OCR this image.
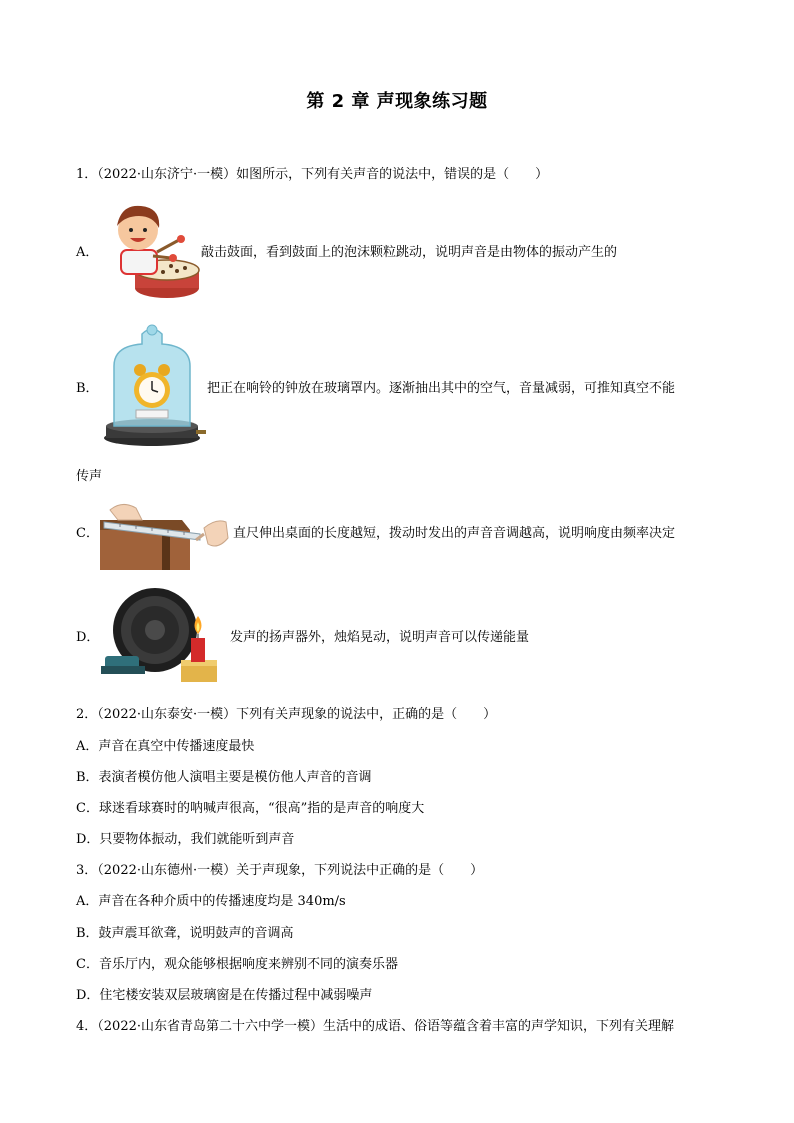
第 2 章 声现象练习题
1．（2022·山东济宁·一模）如图所示，下列有关声音的说法中，错误的是（　　）
A．	敲击鼓面，看到鼓面上的泡沫颗粒跳动，说明声音是由物体的振动产生的
B．	把正在响铃的钟放在玻璃罩内。逐渐抽出其中的空气，音量减弱，可推知真空不能
传声
C．	直尺伸出桌面的长度越短，拨动时发出的声音音调越高，说明响度由频率决定
D．	发声的扬声器外，烛焰晃动，说明声音可以传递能量
2．（2022·山东泰安·一模）下列有关声现象的说法中，正确的是（　　）
A．声音在真空中传播速度最快
B．表演者模仿他人演唱主要是模仿他人声音的音调
C．球迷看球赛时的呐喊声很高，“很高”指的是声音的响度大
D．只要物体振动，我们就能听到声音
3．（2022·山东德州·一模）关于声现象，下列说法中正确的是（　　）
A．声音在各种介质中的传播速度均是 340m/s
B．鼓声震耳欲聋，说明鼓声的音调高
C．音乐厅内，观众能够根据响度来辨别不同的演奏乐器
D．住宅楼安装双层玻璃窗是在传播过程中减弱噪声
4．（2022·山东省青岛第二十六中学一模）生活中的成语、俗语等蕴含着丰富的声学知识，下列有关理解
